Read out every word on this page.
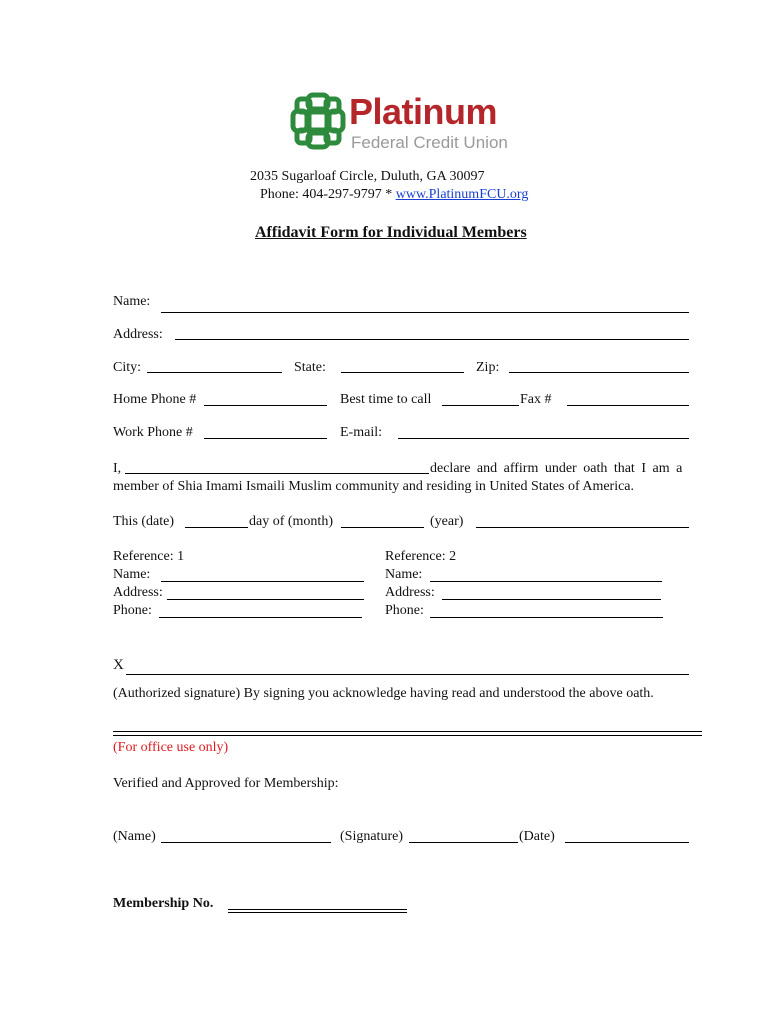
Platinum
Federal Credit Union
2035 Sugarloaf Circle, Duluth, GA 30097
Phone: 404-297-9797 * www.PlatinumFCU.org
Affidavit Form for Individual Members
Name:
Address:
City:	State:	Zip:
Home Phone #	Best time to call	Fax #
Work Phone #	E-mail:
I,	declare and affirm under oath that I am a
member of Shia Imami Ismaili Muslim community and residing in United States of America.
This (date)	day of (month)	(year)
Reference: 1
Name:
Address:
Phone:
Reference: 2
Name:
Address:
Phone:
X
(Authorized signature) By signing you acknowledge having read and understood the above oath.
(For office use only)
Verified and Approved for Membership:
(Name)	(Signature)	(Date)
Membership No.
